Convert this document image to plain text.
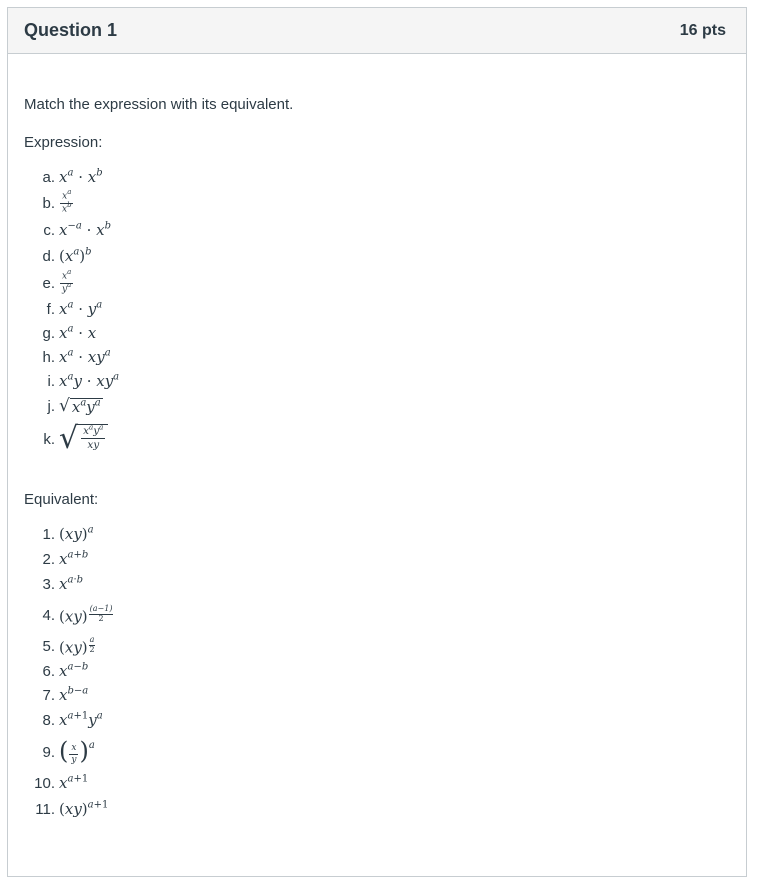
Question 1	16 pts

Match the expression with its equivalent.

Expression:

a. $x^a \cdot x^b$
b. $\frac{x^a}{x^b}$
c. $x^{-a} \cdot x^b$
d. $(x^a)^b$
e. $\frac{x^a}{y^a}$
f. $x^a \cdot y^a$
g. $x^a \cdot x$
h. $x^a \cdot xy^a$
i. $x^ay \cdot xy^a$
j. √ $x^ay^a$
k. √ $\frac{x^ay^a}{xy}$

Equivalent:

1. (xy)$^a$
2. $x^{a+b}$
3. $x^{a\cdot b}$
4. $(xy) \frac{(a-1)}{2}$
5. $(xy) \frac{a}{2}$
6. $x^{a-b}$
7. $x^{b-a}$
8. $x^{a+1}y^a$
9. ( $\frac{x}{y} )^a$
10. $x^{a+1}$
11. (xy)$^{a+1}$
